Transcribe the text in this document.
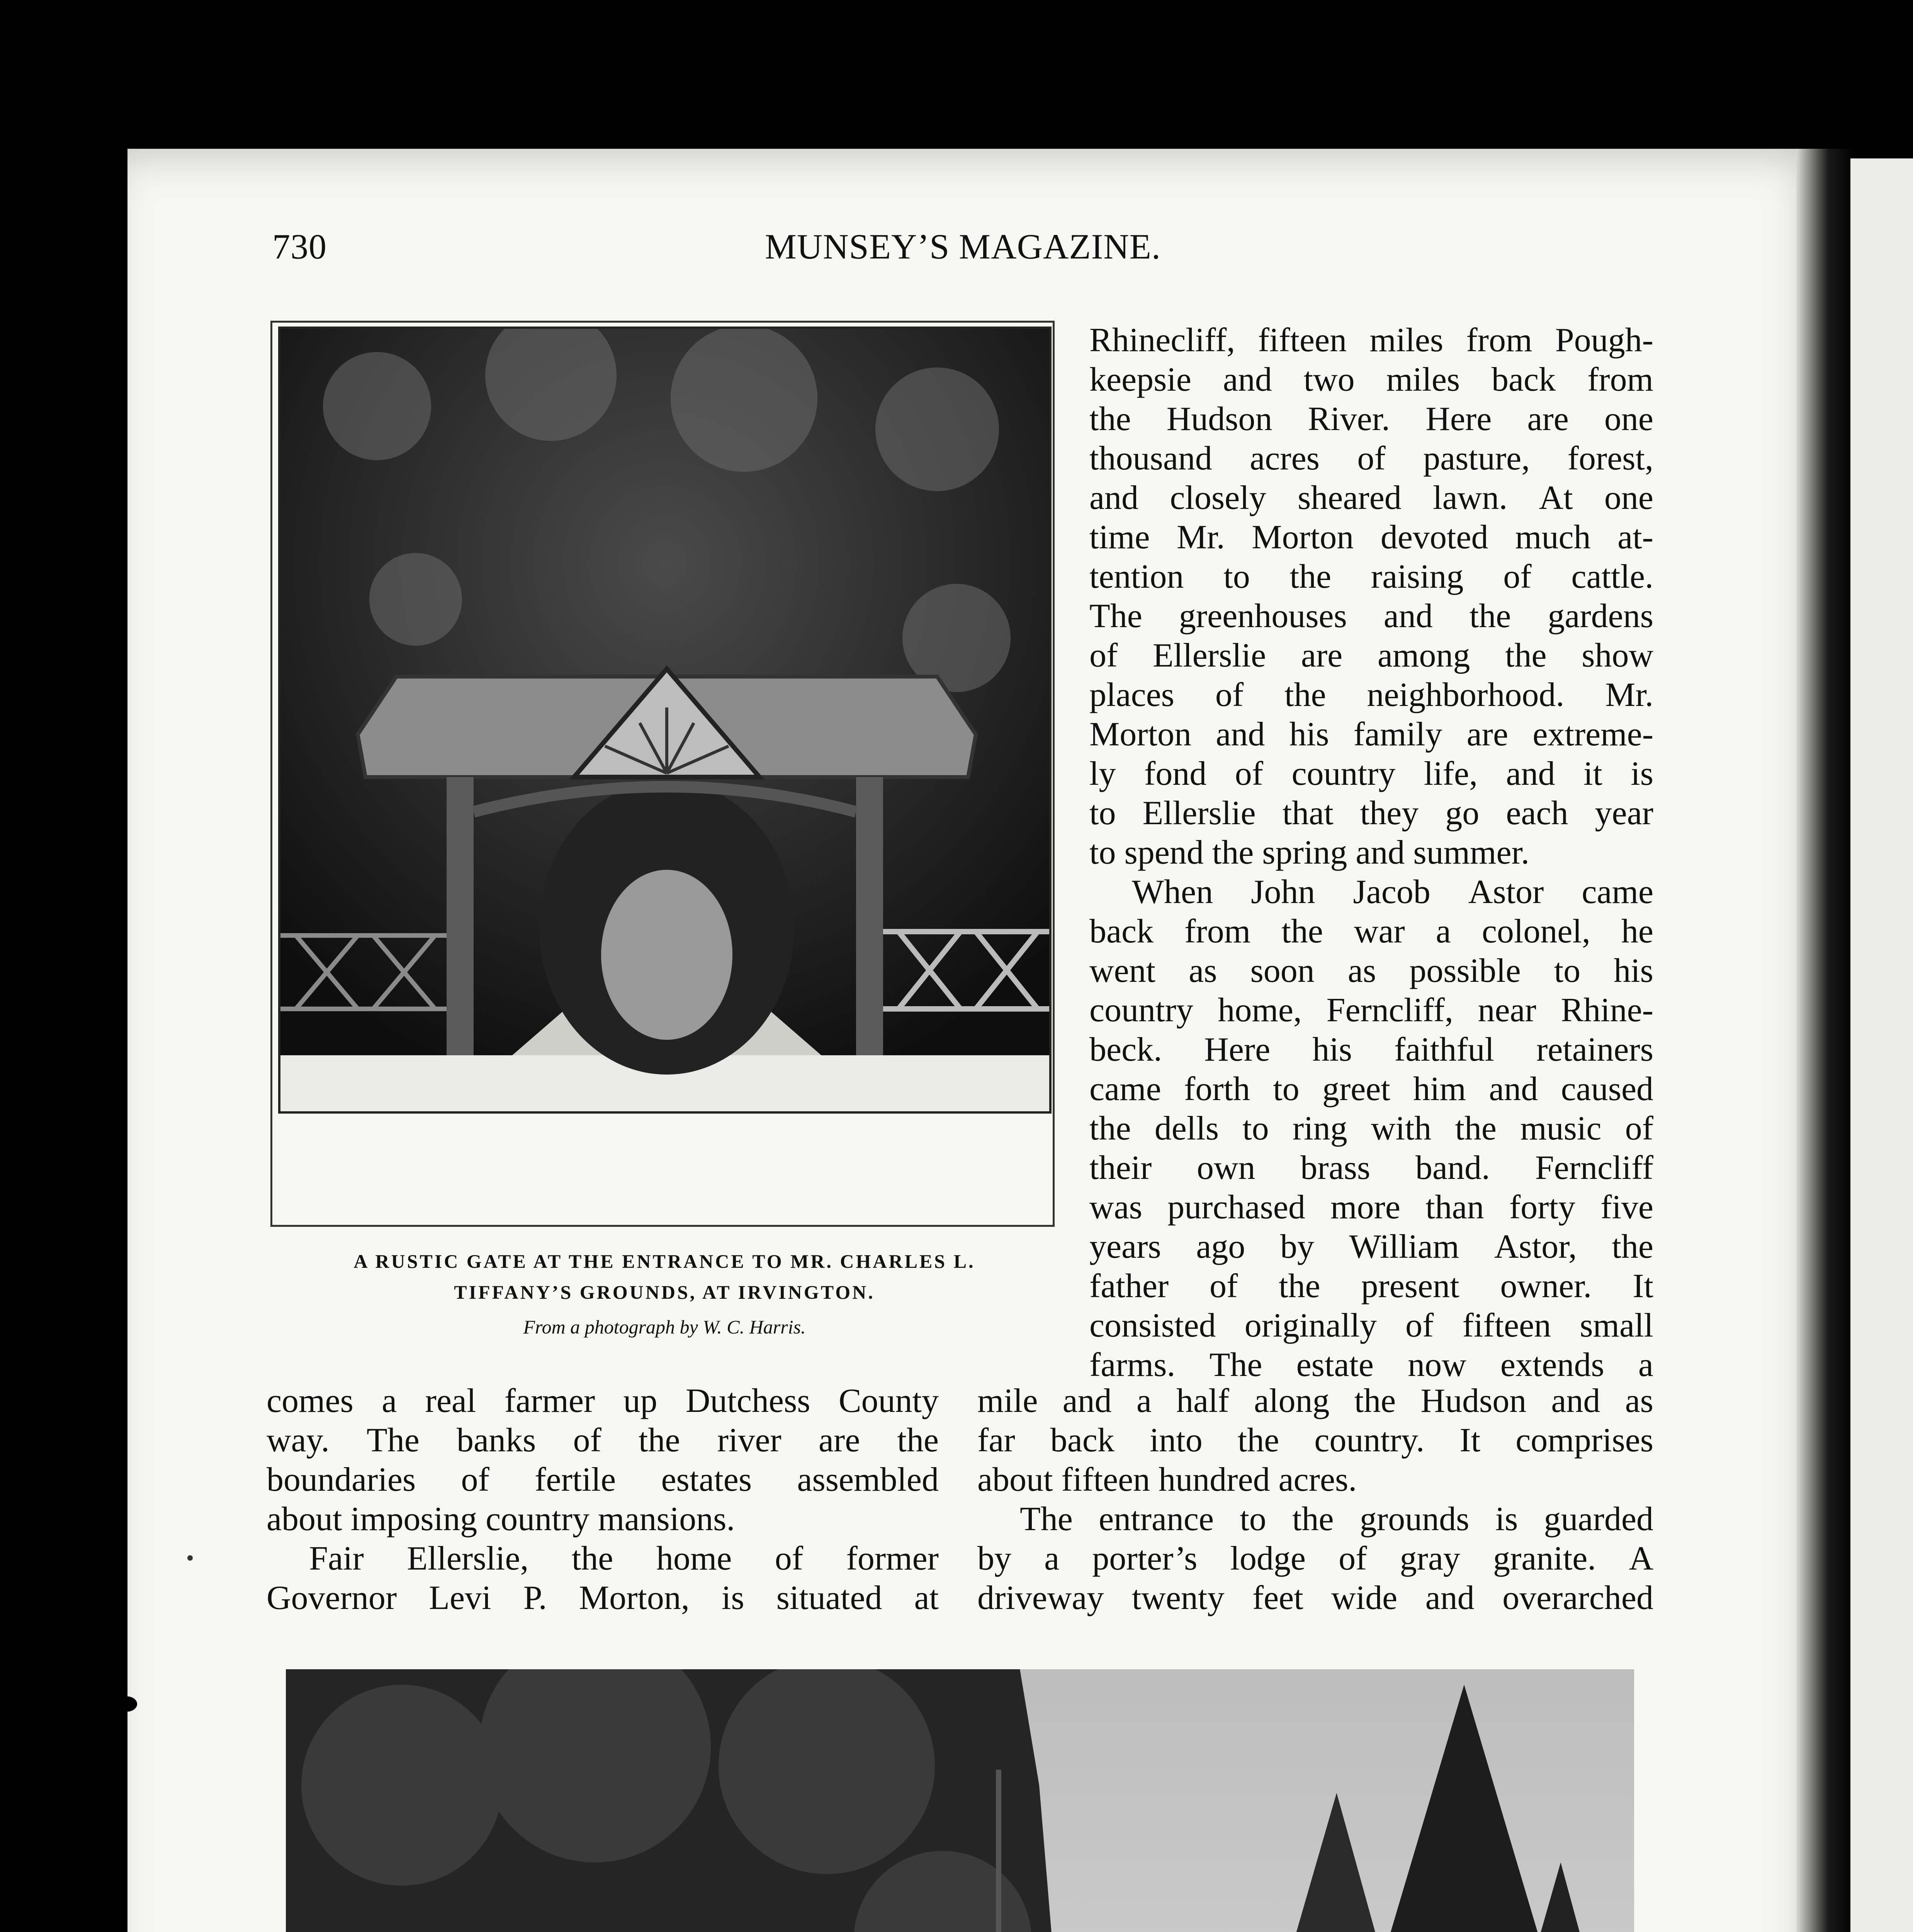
730	MUNSEY’S MAGAZINE.
A RUSTIC GATE AT THE ENTRANCE TO MR. CHARLES L.
TIFFANY’S GROUNDS, AT IRVINGTON.
From a photograph by W. C. Harris.
Rhinecliff, fifteen miles from Pough-
keepsie and two miles back from
the Hudson River. Here are one
thousand acres of pasture, forest,
and closely sheared lawn. At one
time Mr. Morton devoted much at-
tention to the raising of cattle.
The greenhouses and the gardens
of Ellerslie are among the show
places of the neighborhood. Mr.
Morton and his family are extreme-
ly fond of country life, and it is
to Ellerslie that they go each year
to spend the spring and summer.
When John Jacob Astor came
back from the war a colonel, he
went as soon as possible to his
country home, Ferncliff, near Rhine-
beck. Here his faithful retainers
came forth to greet him and caused
the dells to ring with the music of
their own brass band. Ferncliff
was purchased more than forty five
years ago by William Astor, the
father of the present owner. It
consisted originally of fifteen small
farms. The estate now extends a
comes a real farmer up Dutchess County
way. The banks of the river are the
boundaries of fertile estates assembled
about imposing country mansions.
Fair Ellerslie, the home of former
Governor Levi P. Morton, is situated at
mile and a half along the Hudson and as
far back into the country. It comprises
about fifteen hundred acres.
The entrance to the grounds is guarded
by a porter’s lodge of gray granite. A
driveway twenty feet wide and overarched
